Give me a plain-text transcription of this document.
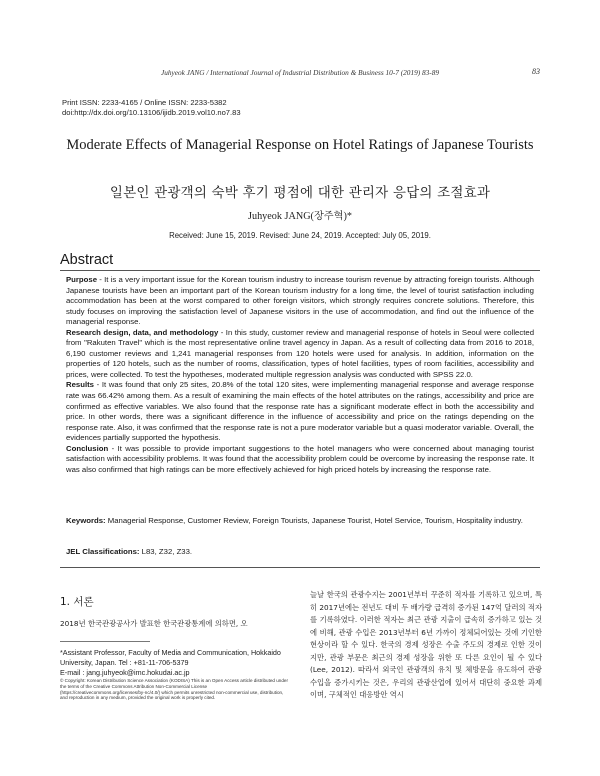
Juhyeok JANG / International Journal of Industrial Distribution & Business 10-7 (2019) 83-89	83
Print ISSN: 2233-4165 / Online ISSN: 2233-5382
doi:http://dx.doi.org/10.13106/ijidb.2019.vol10.no7.83
Moderate Effects of Managerial Response on Hotel Ratings of Japanese Tourists
일본인 관광객의 숙박 후기 평점에 대한 관리자 응답의 조절효과
Juhyeok JANG(장주혁)*
Received: June 15, 2019. Revised: June 24, 2019. Accepted: July 05, 2019.
Abstract

Purpose - It is a very important issue for the Korean tourism industry to increase tourism revenue by attracting foreign tourists. Although Japanese tourists have been an important part of the Korean tourism industry for a long time, the level of tourist satisfaction including accommodation has been at the worst compared to other foreign visitors, which strongly requires concrete solutions. Therefore, this study focuses on improving the satisfaction level of Japanese visitors in the use of accommodation, and find out the influence of the managerial response.

Research design, data, and methodology - In this study, customer review and managerial response of hotels in Seoul were collected from "Rakuten Travel" which is the most representative online travel agency in Japan. As a result of collecting data from 2016 to 2018, 6,190 customer reviews and 1,241 managerial responses from 120 hotels were used for analysis. In addition, information on the properties of 120 hotels, such as the number of rooms, classification, types of hotel facilities, types of room facilities, accessibility and prices, were collected. To test the hypotheses, moderated multiple regression analysis was conducted with SPSS 22.0.

Results - It was found that only 25 sites, 20.8% of the total 120 sites, were implementing managerial response and average response rate was 66.42% among them. As a result of examining the main effects of the hotel attributes on the ratings, accessibility and price are confirmed as effective variables. We also found that the response rate has a significant moderate effect in both the accessibility and price. In other words, there was a significant difference in the influence of accessibility and price on the ratings depending on the response rate. Also, it was confirmed that the response rate is not a pure moderator variable but a quasi moderator variable. Overall, the evidences partially supported the hypothesis.

Conclusion - It was possible to provide important suggestions to the hotel managers who were concerned about managing tourist satisfaction with accessibility problems. It was found that the accessibility problem could be overcome by increasing the response rate. It was also confirmed that high ratings can be more effectively achieved for high priced hotels by increasing the response rate.

Keywords: Managerial Response, Customer Review, Foreign Tourists, Japanese Tourist, Hotel Service, Tourism, Hospitality industry.
JEL Classifications: L83, Z32, Z33.
1. 서론
2018년 한국관광공사가 발표한 한국관광통계에 의하면, 오
*Assistant Professor, Faculty of Media and Communication, Hokkaido University, Japan. Tel : +81-11-706-5379
E-mail : jang.juhyeok@imc.hokudai.ac.jp
© Copyright: Korean Distribution Science Association (KODISA) This is an Open Access article distributed under the terms of the Creative Commons Attribution Non-Commercial License (https://creativecommons.org/licenses/by-nc/4.0/) which permits unrestricted non-commercial use, distribution, and reproduction in any medium, provided the original work is properly cited.
늘날 한국의 관광수지는 2001년부터 꾸준히 적자를 기록하고 있으며, 특히 2017년에는 전년도 대비 두 배가량 급격히 증가된 147억 달러의 적자를 기록하였다. 이러한 적자는 최근 관광 지출이 급속히 증가하고 있는 것에 비해, 관광 수입은 2013년부터 6년 가까이 정체되어있는 것에 기인한 현상이라 할 수 있다. 한국의 경제 성장은 수출 주도의 경제로 인한 것이지만, 관광 부문은 최근의 경제 성장을 위한 또 다른 요인이 될 수 있다(Lee, 2012). 따라서 외국인 관광객의 유치 및 체방문을 유도하여 관광 수입을 증가시키는 것은, 우리의 관광산업에 있어서 대단히 중요한 과제이며, 구체적인 대응방안 역시
